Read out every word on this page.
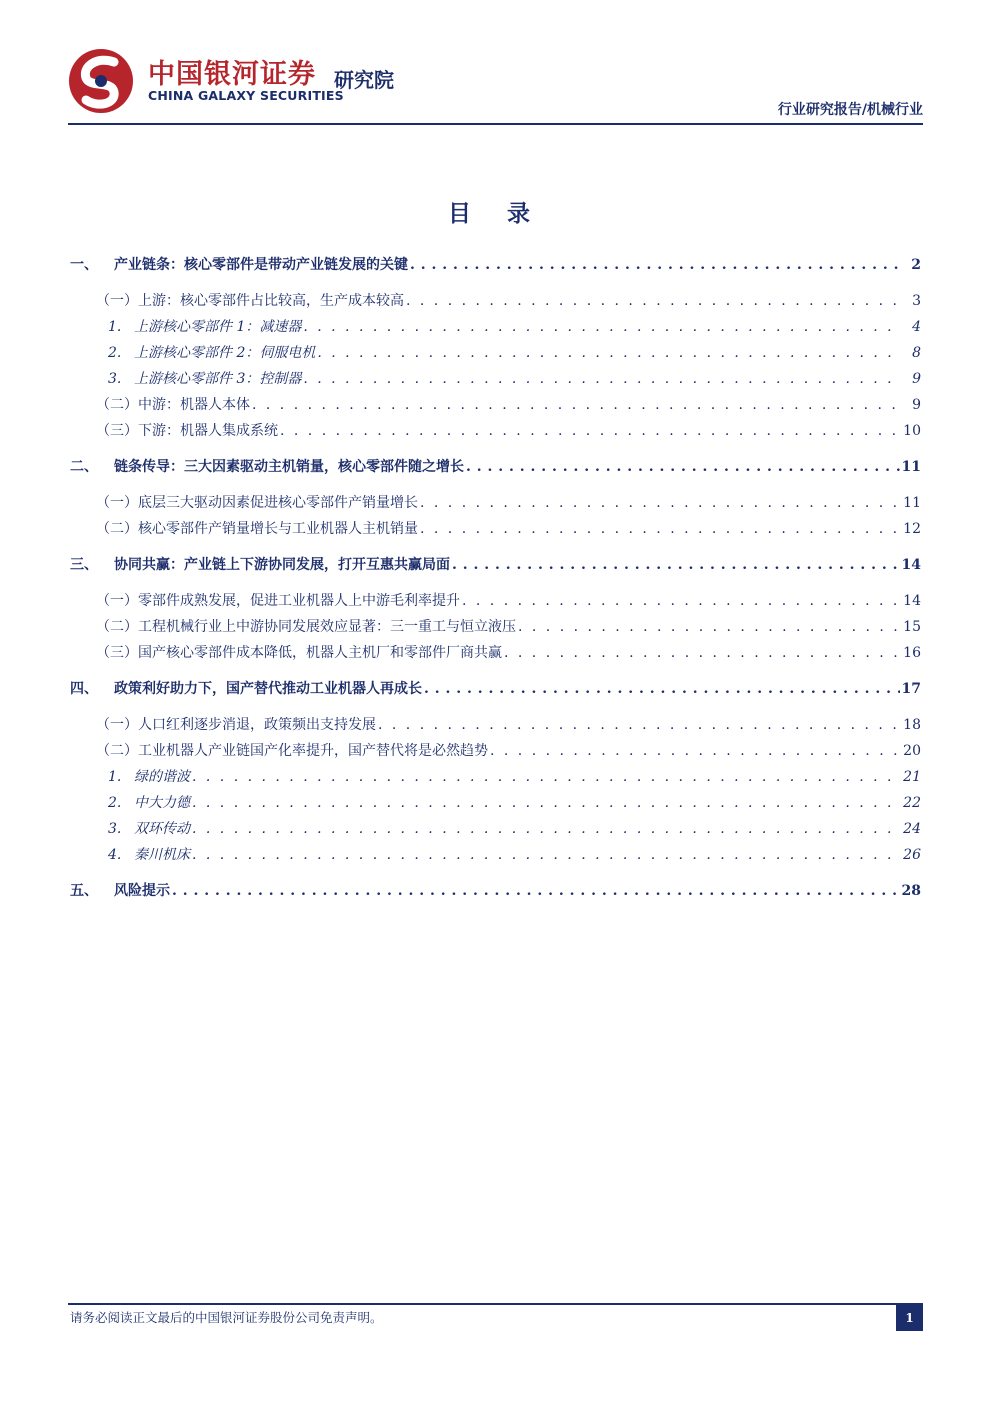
中国银河证券
CHINA GALAXY SECURITIES
研究院
行业研究报告/机械行业
目 录
一、	产业链条：核心零部件是带动产业链发展的关键 . . .	2
（一）上游：核心零部件占比较高，生产成本较高 . . .	3
1. 上游核心零部件 1：减速器 . . .	4
2. 上游核心零部件 2：伺服电机 . . .	8
3. 上游核心零部件 3：控制器 . . .	9
（二）中游：机器人本体 . . .	9
（三）下游：机器人集成系统 . . .	10
二、	链条传导：三大因素驱动主机销量，核心零部件随之增长 . . .	11
（一）底层三大驱动因素促进核心零部件产销量增长 . . .	11
（二）核心零部件产销量增长与工业机器人主机销量 . . .	12
三、	协同共赢：产业链上下游协同发展，打开互惠共赢局面 . . .	14
（一）零部件成熟发展，促进工业机器人上中游毛利率提升 . . .	14
（二）工程机械行业上中游协同发展效应显著：三一重工与恒立液压 . . .	15
（三）国产核心零部件成本降低，机器人主机厂和零部件厂商共赢 . . .	16
四、	政策利好助力下，国产替代推动工业机器人再成长 . . .	17
（一）人口红利逐步消退，政策频出支持发展 . . .	18
（二）工业机器人产业链国产化率提升，国产替代将是必然趋势 . . .	20
1. 绿的谐波 . . .	21
2. 中大力德 . . .	22
3. 双环传动 . . .	24
4. 秦川机床 . . .	26
五、	风险提示 . . .	28
请务必阅读正文最后的中国银河证券股份公司免责声明。	1
